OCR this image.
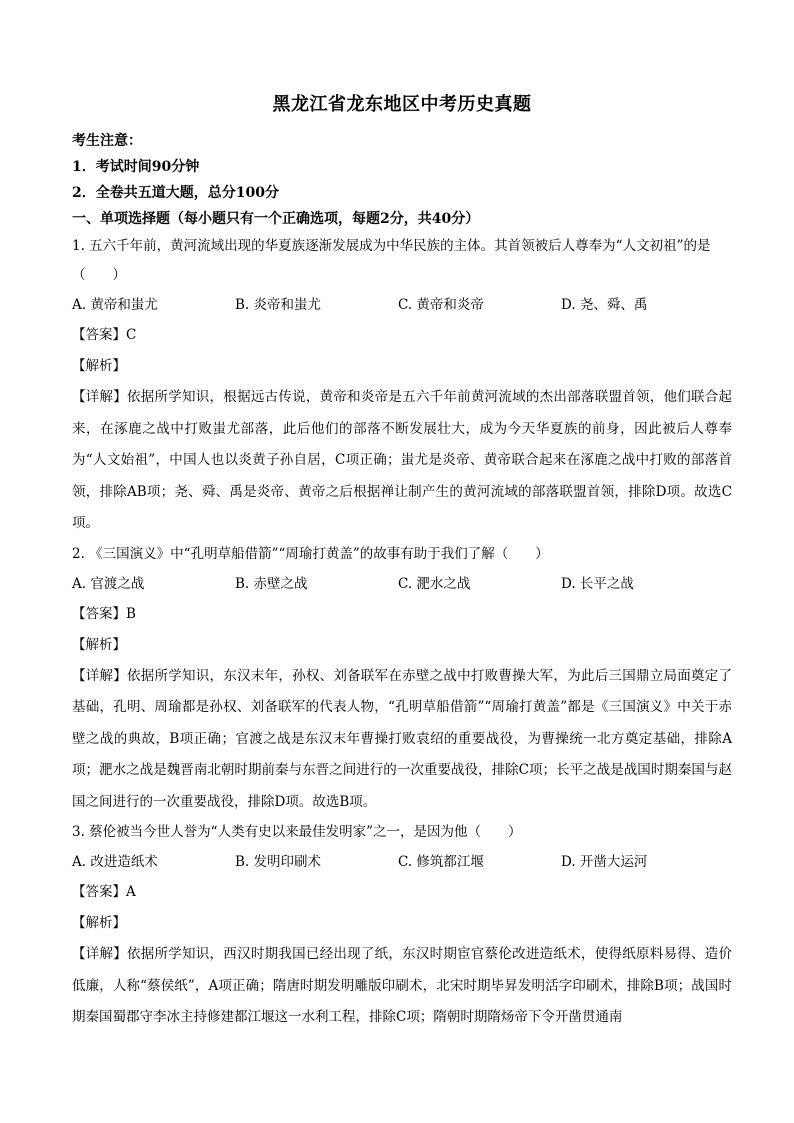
黑龙江省龙东地区中考历史真题
考生注意：
1．考试时间90分钟
2．全卷共五道大题，总分100分
一、单项选择题（每小题只有一个正确选项，每题2分，共40分）

1. 五六千年前，黄河流域出现的华夏族逐渐发展成为中华民族的主体。其首领被后人尊奉为“人文初祖”的是（　　）

A. 黄帝和蚩尤	B. 炎帝和蚩尤	C. 黄帝和炎帝	D. 尧、舜、禹
【答案】C
【解析】
【详解】依据所学知识，根据远古传说，黄帝和炎帝是五六千年前黄河流域的杰出部落联盟首领，他们联合起来，在涿鹿之战中打败蚩尤部落，此后他们的部落不断发展壮大，成为今天华夏族的前身，因此被后人尊奉为“人文始祖”，中国人也以炎黄子孙自居，C项正确；蚩尤是炎帝、黄帝联合起来在涿鹿之战中打败的部落首领，排除AB项；尧、舜、禹是炎帝、黄帝之后根据禅让制产生的黄河流域的部落联盟首领，排除D项。故选C项。

2. 《三国演义》中“孔明草船借箭”“周瑜打黄盖”的故事有助于我们了解（　　）

A. 官渡之战	B. 赤壁之战	C. 淝水之战	D. 长平之战
【答案】B
【解析】
【详解】依据所学知识，东汉末年，孙权、刘备联军在赤壁之战中打败曹操大军，为此后三国鼎立局面奠定了基础，孔明、周瑜都是孙权、刘备联军的代表人物，“孔明草船借箭”“周瑜打黄盖”都是《三国演义》中关于赤壁之战的典故，B项正确；官渡之战是东汉末年曹操打败袁绍的重要战役，为曹操统一北方奠定基础，排除A项；淝水之战是魏晋南北朝时期前秦与东晋之间进行的一次重要战役，排除C项；长平之战是战国时期秦国与赵国之间进行的一次重要战役，排除D项。故选B项。

3. 蔡伦被当今世人誉为“人类有史以来最佳发明家”之一，是因为他（　　）

A. 改进造纸术	B. 发明印刷术	C. 修筑都江堰	D. 开凿大运河
【答案】A
【解析】
【详解】依据所学知识，西汉时期我国已经出现了纸，东汉时期宦官蔡伦改进造纸术，使得纸原料易得、造价低廉，人称“蔡侯纸”，A项正确；隋唐时期发明雕版印刷术，北宋时期毕昇发明活字印刷术，排除B项；战国时期秦国蜀郡守李冰主持修建都江堰这一水利工程，排除C项；隋朝时期隋炀帝下令开凿贯通南
